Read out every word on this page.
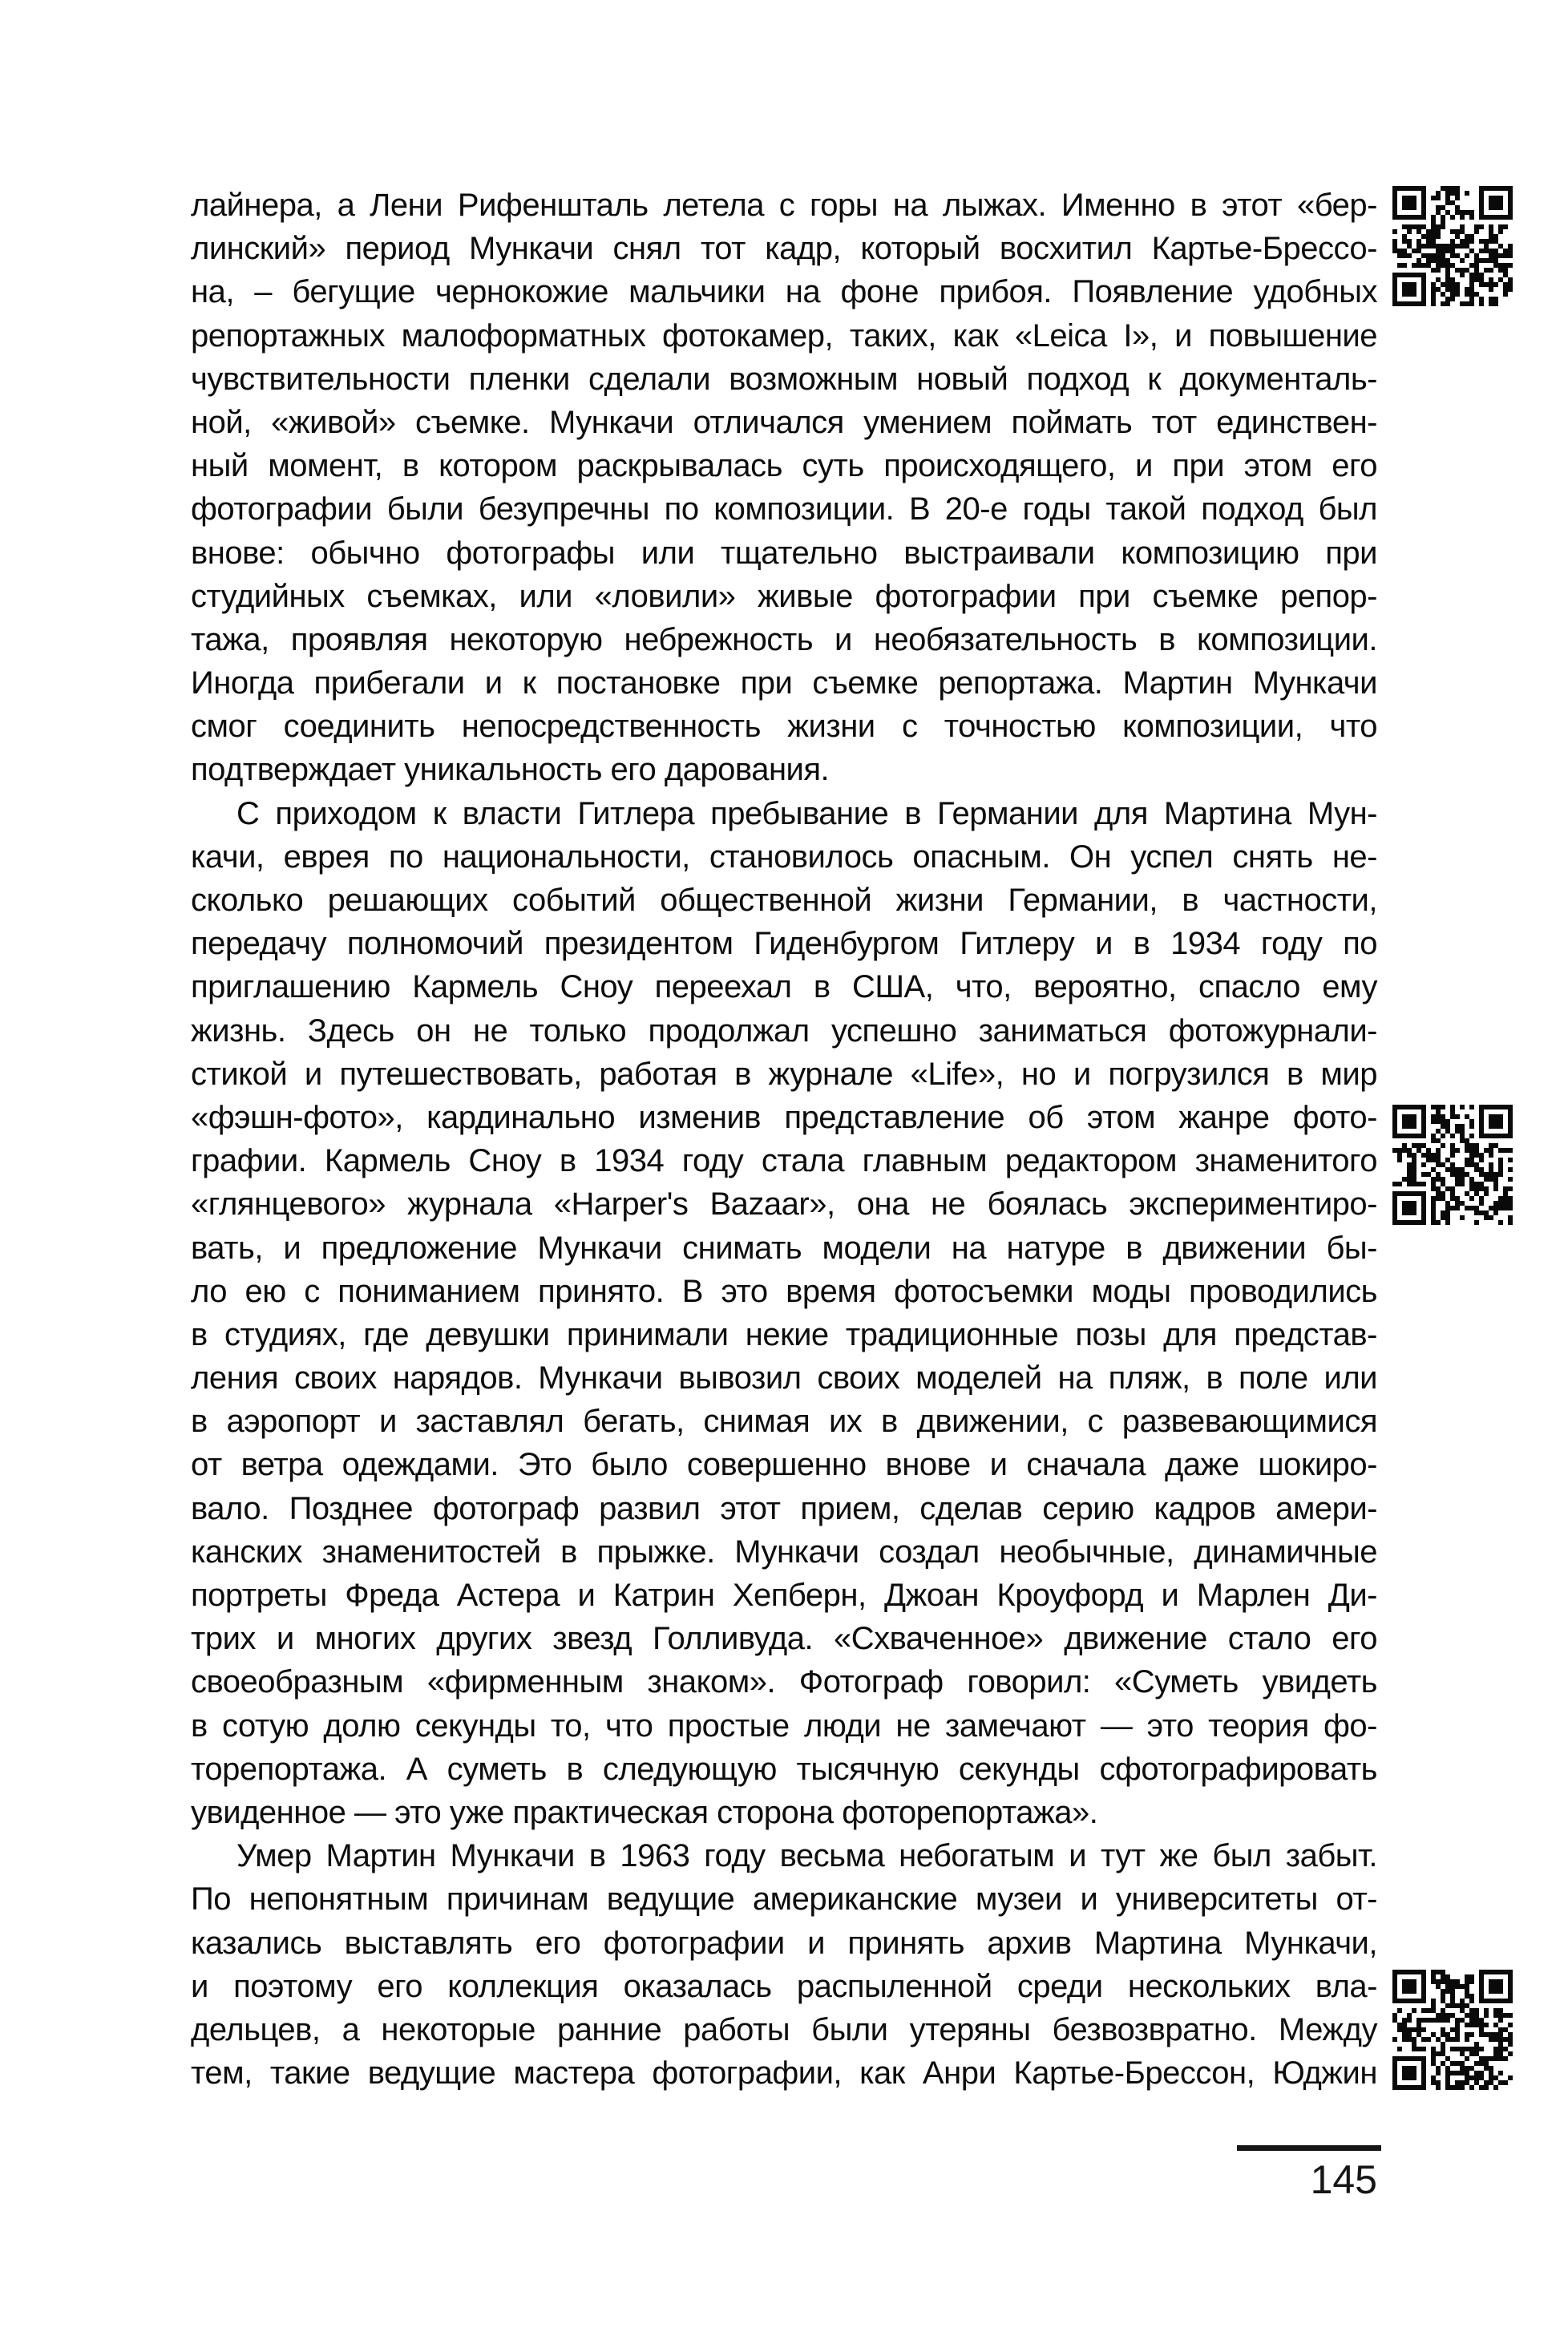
лайнера, а Лени Рифеншталь летела с горы на лыжах. Именно в этот «бер-
линский» период Мункачи снял тот кадр, который восхитил Картье-Брессо-
на, – бегущие чернокожие мальчики на фоне прибоя. Появление удобных
репортажных малоформатных фотокамер, таких, как «Leica I», и повышение
чувствительности пленки сделали возможным новый подход к документаль-
ной, «живой» съемке. Мункачи отличался умением поймать тот единствен-
ный момент, в котором раскрывалась суть происходящего, и при этом его
фотографии были безупречны по композиции. В 20-е годы такой подход был
внове: обычно фотографы или тщательно выстраивали композицию при
студийных съемках, или «ловили» живые фотографии при съемке репор-
тажа, проявляя некоторую небрежность и необязательность в композиции.
Иногда прибегали и к постановке при съемке репортажа. Мартин Мункачи
смог соединить непосредственность жизни с точностью композиции, что
подтверждает уникальность его дарования.
С приходом к власти Гитлера пребывание в Германии для Мартина Мун-
качи, еврея по национальности, становилось опасным. Он успел снять не-
сколько решающих событий общественной жизни Германии, в частности,
передачу полномочий президентом Гиденбургом Гитлеру и в 1934 году по
приглашению Кармель Сноу переехал в США, что, вероятно, спасло ему
жизнь. Здесь он не только продолжал успешно заниматься фотожурнали-
стикой и путешествовать, работая в журнале «Life», но и погрузился в мир
«фэшн-фото», кардинально изменив представление об этом жанре фото-
графии. Кармель Сноу в 1934 году стала главным редактором знаменитого
«глянцевого» журнала «Harper's Bazaar», она не боялась экспериментиро-
вать, и предложение Мункачи снимать модели на натуре в движении бы-
ло ею с пониманием принято. В это время фотосъемки моды проводились
в студиях, где девушки принимали некие традиционные позы для представ-
ления своих нарядов. Мункачи вывозил своих моделей на пляж, в поле или
в аэропорт и заставлял бегать, снимая их в движении, с развевающимися
от ветра одеждами. Это было совершенно внове и сначала даже шокиро-
вало. Позднее фотограф развил этот прием, сделав серию кадров амери-
канских знаменитостей в прыжке. Мункачи создал необычные, динамичные
портреты Фреда Астера и Катрин Хепберн, Джоан Кроуфорд и Марлен Ди-
трих и многих других звезд Голливуда. «Схваченное» движение стало его
своеобразным «фирменным знаком». Фотограф говорил: «Суметь увидеть
в сотую долю секунды то, что простые люди не замечают — это теория фо-
торепортажа. А суметь в следующую тысячную секунды сфотографировать
увиденное — это уже практическая сторона фоторепортажа».
Умер Мартин Мункачи в 1963 году весьма небогатым и тут же был забыт.
По непонятным причинам ведущие американские музеи и университеты от-
казались выставлять его фотографии и принять архив Мартина Мункачи,
и поэтому его коллекция оказалась распыленной среди нескольких вла-
дельцев, а некоторые ранние работы были утеряны безвозвратно. Между
тем, такие ведущие мастера фотографии, как Анри Картье-Брессон, Юджин
145
